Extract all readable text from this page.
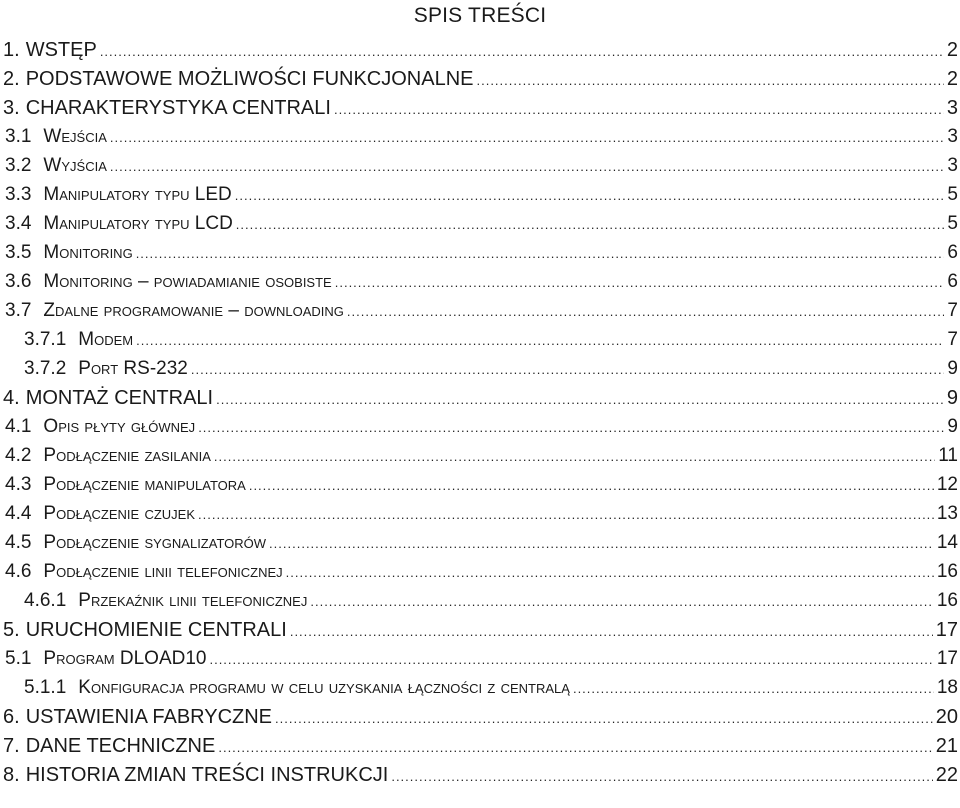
SPIS TREŚCI
1. WSTĘP .....	2
2. PODSTAWOWE MOŻLIWOŚCI FUNKCJONALNE .....	2
3. CHARAKTERYSTYKA CENTRALI .....	3
3.1 Wejścia .....	3
3.2 Wyjścia .....	3
3.3 Manipulatory typu LED .....	5
3.4 Manipulatory typu LCD .....	5
3.5 Monitoring .....	6
3.6 Monitoring – powiadamianie osobiste .....	6
3.7 Zdalne programowanie – downloading .....	7
3.7.1 Modem .....	7
3.7.2 Port RS-232 .....	9
4. MONTAŻ CENTRALI .....	9
4.1 Opis płyty głównej .....	9
4.2 Podłączenie zasilania .....	11
4.3 Podłączenie manipulatora .....	12
4.4 Podłączenie czujek .....	13
4.5 Podłączenie sygnalizatorów .....	14
4.6 Podłączenie linii telefonicznej .....	16
4.6.1 Przekaźnik linii telefonicznej .....	16
5. URUCHOMIENIE CENTRALI .....	17
5.1 Program DLOAD10 .....	17
5.1.1 Konfiguracja programu w celu uzyskania łączności z centralą .....	18
6. USTAWIENIA FABRYCZNE .....	20
7. DANE TECHNICZNE .....	21
8. HISTORIA ZMIAN TREŚCI INSTRUKCJI .....	22
